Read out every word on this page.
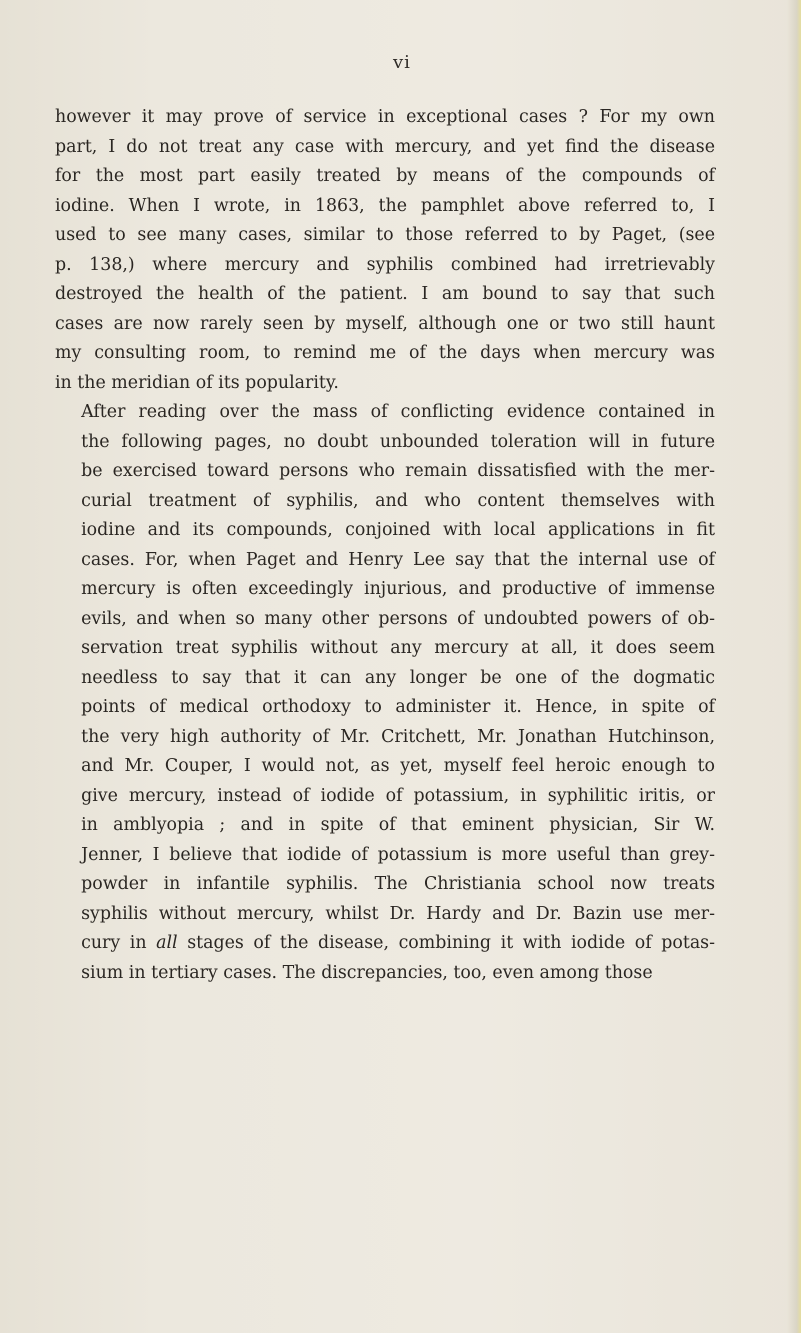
vi

however it may prove of service in exceptional cases ? For my own
part, I do not treat any case with mercury, and yet find the disease
for the most part easily treated by means of the compounds of
iodine. When I wrote, in 1863, the pamphlet above referred to, I
used to see many cases, similar to those referred to by Paget, (see
p. 138,) where mercury and syphilis combined had irretrievably
destroyed the health of the patient. I am bound to say that such
cases are now rarely seen by myself, although one or two still haunt
my consulting room, to remind me of the days when mercury was
in the meridian of its popularity.

After reading over the mass of conflicting evidence contained in
the following pages, no doubt unbounded toleration will in future
be exercised toward persons who remain dissatisfied with the mer-
curial treatment of syphilis, and who content themselves with
iodine and its compounds, conjoined with local applications in fit
cases. For, when Paget and Henry Lee say that the internal use of
mercury is often exceedingly injurious, and productive of immense
evils, and when so many other persons of undoubted powers of ob-
servation treat syphilis without any mercury at all, it does seem
needless to say that it can any longer be one of the dogmatic
points of medical orthodoxy to administer it. Hence, in spite of
the very high authority of Mr. Critchett, Mr. Jonathan Hutchinson,
and Mr. Couper, I would not, as yet, myself feel heroic enough to
give mercury, instead of iodide of potassium, in syphilitic iritis, or
in amblyopia ; and in spite of that eminent physician, Sir W.
Jenner, I believe that iodide of potassium is more useful than grey-
powder in infantile syphilis. The Christiania school now treats
syphilis without mercury, whilst Dr. Hardy and Dr. Bazin use mer-
cury in all stages of the disease, combining it with iodide of potas-
sium in tertiary cases. The discrepancies, too, even among those
